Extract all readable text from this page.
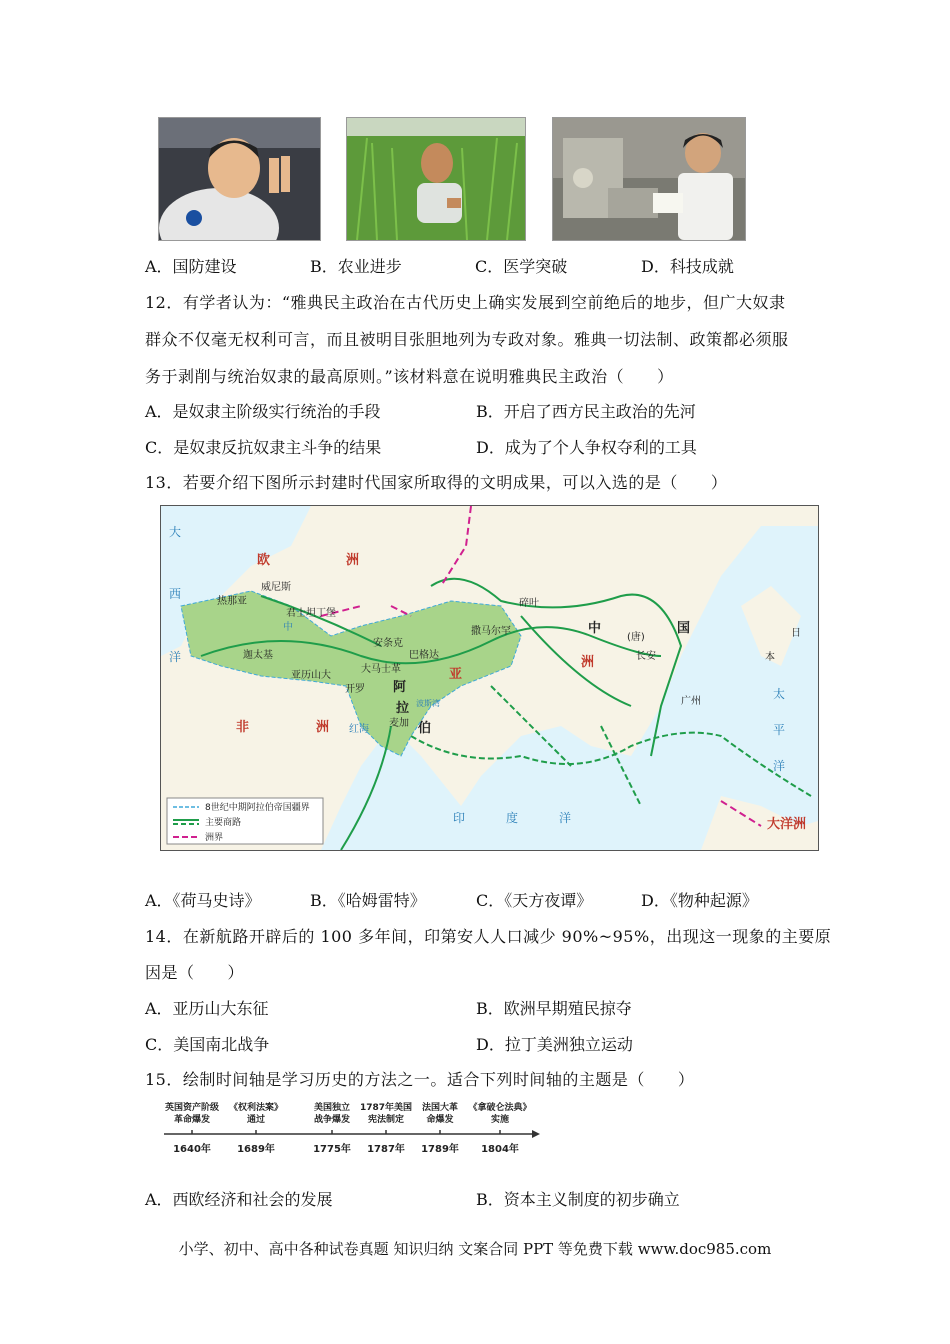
A．国防建设	B．农业进步	C．医学突破	D．科技成就
12．有学者认为：“雅典民主政治在古代历史上确实发展到空前绝后的地步，但广大奴隶
群众不仅毫无权利可言，而且被明目张胆地列为专政对象。雅典一切法制、政策都必须服
务于剥削与统治奴隶的最高原则。”该材料意在说明雅典民主政治（　　）
A．是奴隶主阶级实行统治的手段	B．开启了西方民主政治的先河
C．是奴隶反抗奴隶主斗争的结果	D．成为了个人争权夺利的工具
13．若要介绍下图所示封建时代国家所取得的文明成果，可以入选的是（　　）
大
西
洋
欧	洲
非	洲
亚
洲
阿
拉
伯
中	国
(唐)	日
本
太
平
洋
印	度	洋	大洋洲
红海
波斯湾
中
威尼斯
热那亚
君士坦丁堡
迦太基
亚历山大
开罗
安条克
大马士革
巴格达
麦加
撒马尔罕
碎叶
长安
广州
8世纪中期阿拉伯帝国疆界
主要商路
洲界
A．《荷马史诗》	B．《哈姆雷特》	C．《天方夜谭》	D．《物种起源》
14．在新航路开辟后的 100 多年间，印第安人人口减少 90%~95%，出现这一现象的主要原
因是（　　）
A．亚历山大东征	B．欧洲早期殖民掠夺
C．美国南北战争	D．拉丁美洲独立运动
15．绘制时间轴是学习历史的方法之一。适合下列时间轴的主题是（　　）
英国资产阶级
革命爆发
1640年
《权利法案》
通过
1689年
美国独立
战争爆发
1775年
1787年美国
宪法制定
1787年
法国大革
命爆发
1789年
《拿破仑法典》
实施
1804年
A．西欧经济和社会的发展	B．资本主义制度的初步确立
小学、初中、高中各种试卷真题 知识归纳 文案合同 PPT 等免费下载 www.doc985.com
